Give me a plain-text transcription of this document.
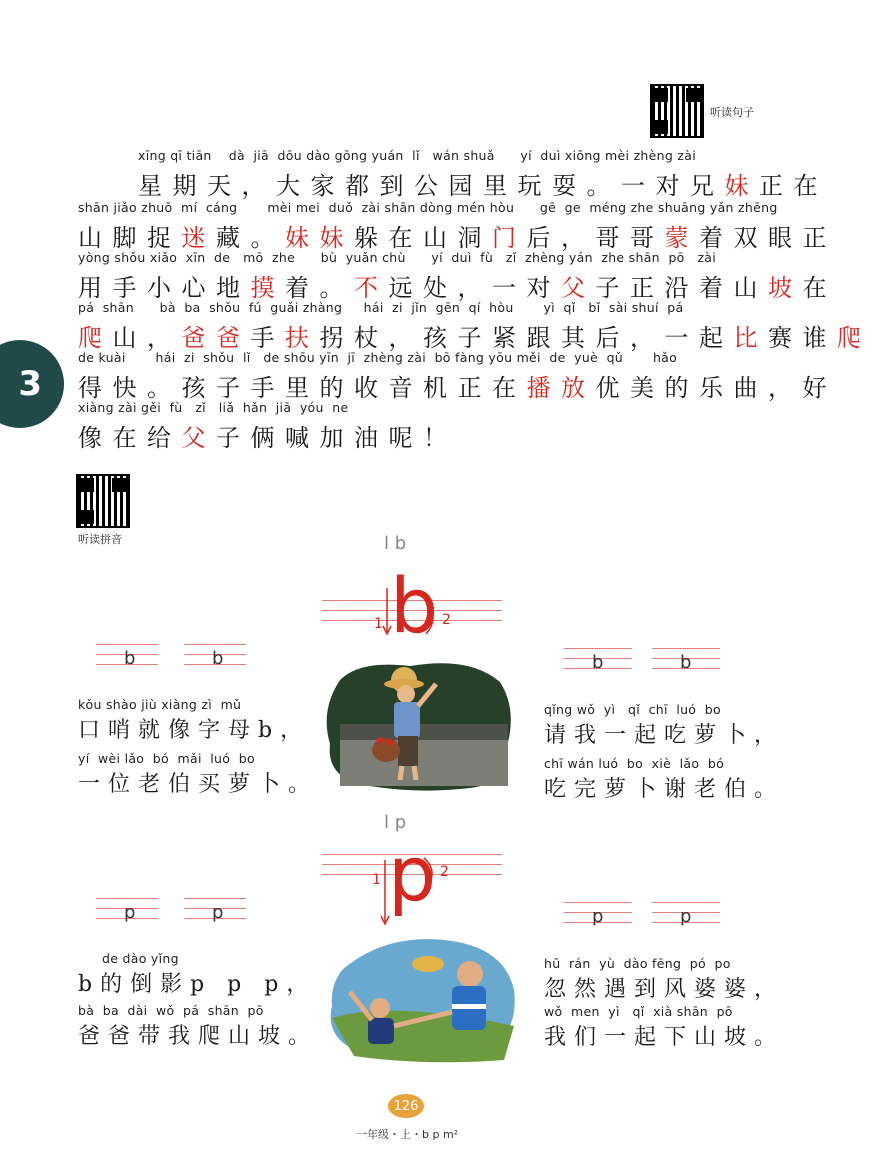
听读句子
3
xīng qī tiān    dà  jiā  dōu dào gōng yuán  lǐ   wán shuǎ      yí  duì xiōng mèi zhèng zài
星期天，大家都到公园里玩耍。一对兄妹正在
shān jiǎo zhuō  mí  cáng       mèi mei  duǒ  zài shān dòng mén hòu      gē  ge  méng zhe shuāng yǎn zhēng
山脚捉迷藏。妹妹躲在山洞门后，哥哥蒙着双眼正
yòng shǒu xiǎo  xīn  de   mō  zhe      bù  yuǎn chù      yí  duì  fù   zǐ  zhèng yán  zhe shān  pō   zài
用手小心地摸着。不远处，一对父子正沿着山坡在
pá  shān      bà  ba  shǒu  fú  guǎi zhàng     hái  zi  jǐn  gēn  qí  hòu       yì  qǐ   bǐ  sài shuí  pá
爬山，爸爸手扶拐杖，孩子紧跟其后，一起比赛谁爬
de kuài       hái  zi  shǒu  lǐ   de shōu yīn  jī  zhèng zài  bō fàng yōu měi  de  yuè  qǔ       hǎo
得快。孩子手里的收音机正在播放优美的乐曲，好
xiàng zài gěi  fù   zǐ   liǎ  hǎn  jiā  yóu  ne
像在给父子俩喊加油呢！
听读拼音	l b
b
1	2
b	b	b	b
kǒu shào jiù xiàng zì  mǔ
口哨就像字母b，
yí  wèi lǎo  bó  mǎi  luó  bo
一位老伯买萝卜。
qǐng wǒ  yì   qǐ  chī  luó  bo
请我一起吃萝卜，
chī wán luó  bo  xiè  lǎo  bó
吃完萝卜谢老伯。
l p
p
1	2
p	p	p	p
de dào yǐng
b的倒影p p p，
bà  ba  dài  wǒ  pá  shān  pō
爸爸带我爬山坡。
hū  rán  yù  dào fēng  pó  po
忽然遇到风婆婆，
wǒ  men  yì   qǐ  xià shān  pō
我们一起下山坡。
126
一年级・上・b p m²
